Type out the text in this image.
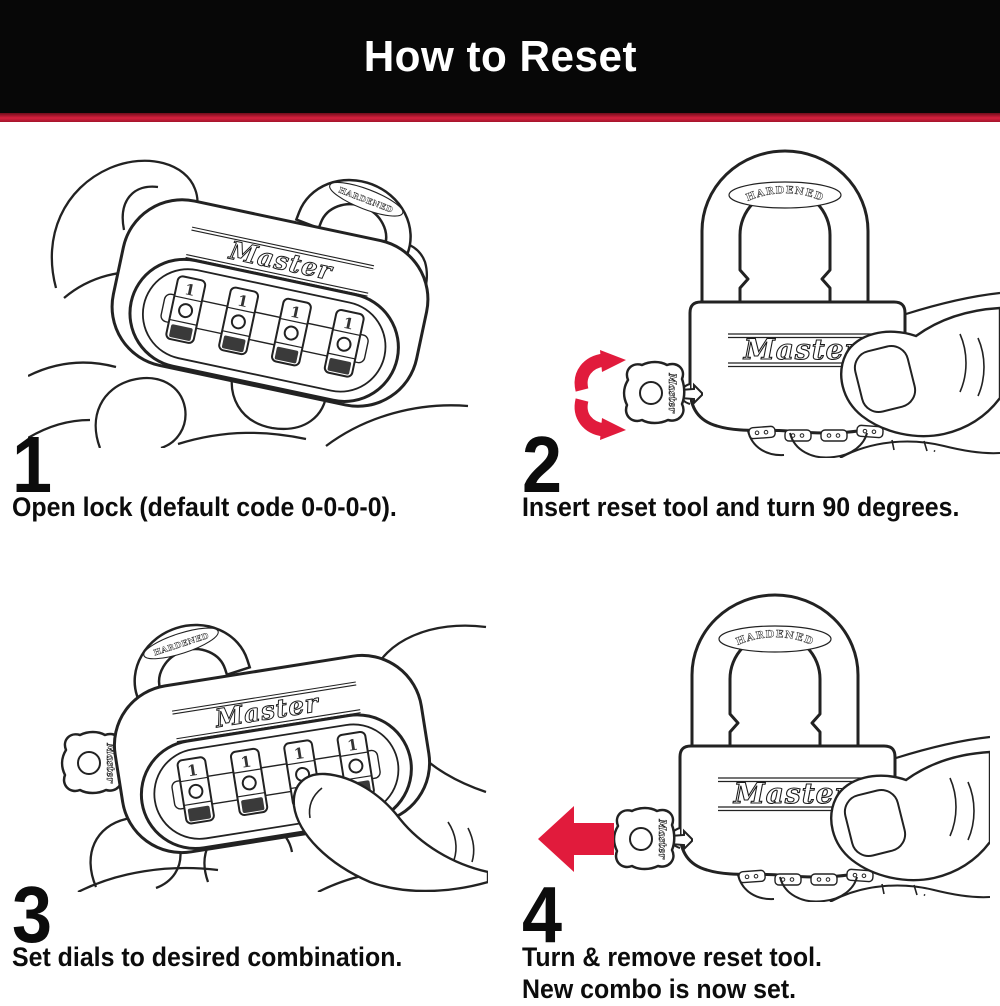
How to Reset
1
Open lock (default code 0-0-0-0). 2
Insert reset tool and turn 90 degrees.
3
Set dials to desired combination. 4
Turn & remove reset tool.
New combo is now set.
